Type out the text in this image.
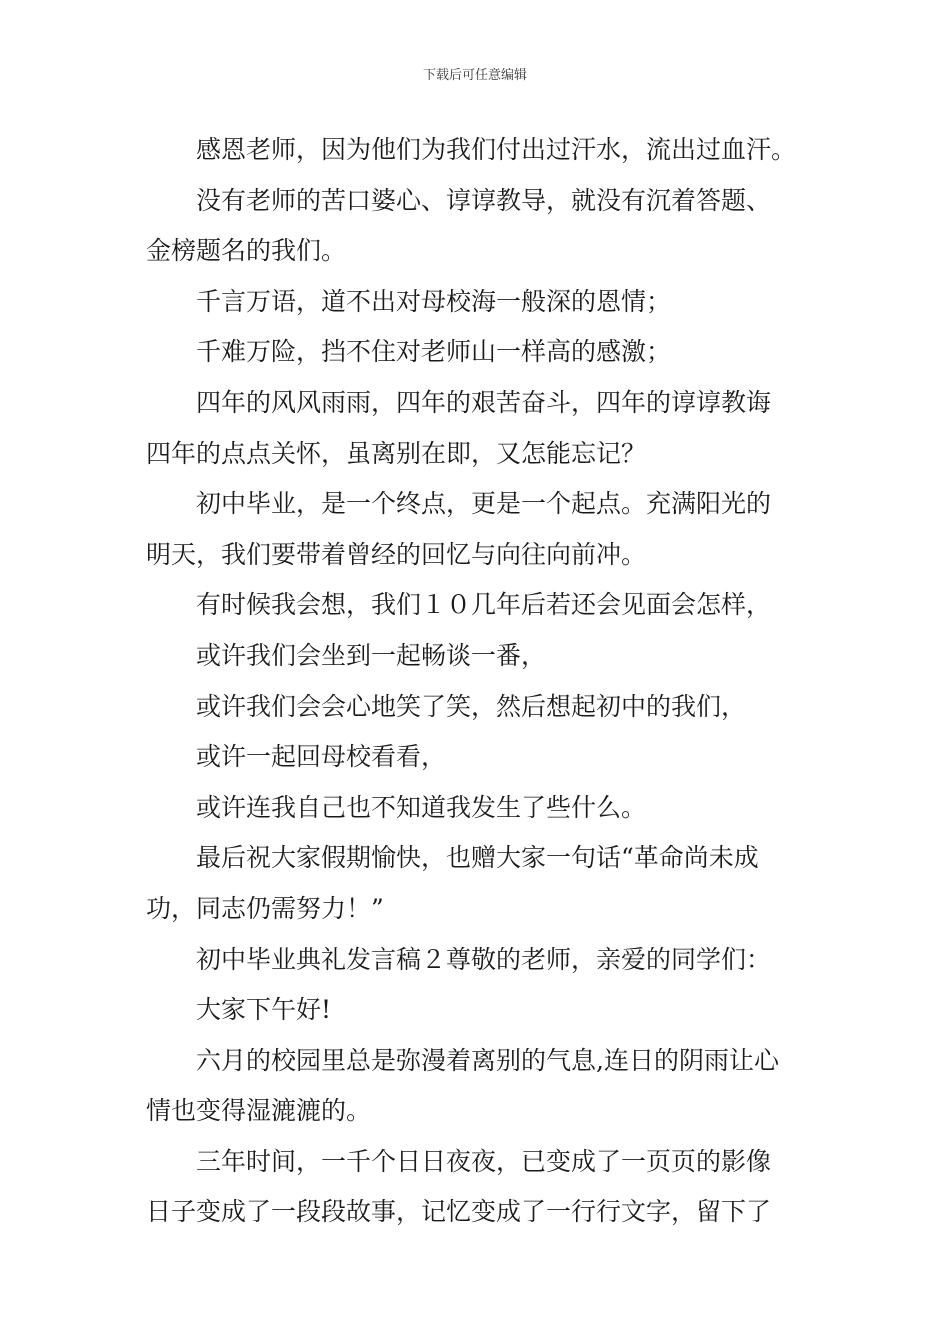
下载后可任意编辑
感恩老师，因为他们为我们付出过汗水，流出过血汗。
没有老师的苦口婆心、谆谆教导，就没有沉着答题、
金榜题名的我们。
千言万语，道不出对母校海一般深的恩情；
千难万险，挡不住对老师山一样高的感激；
四年的风风雨雨，四年的艰苦奋斗，四年的谆谆教诲
四年的点点关怀，虽离别在即，又怎能忘记？
初中毕业，是一个终点，更是一个起点。充满阳光的
明天，我们要带着曾经的回忆与向往向前冲。
有时候我会想，我们１０几年后若还会见面会怎样，
或许我们会坐到一起畅谈一番，
或许我们会会心地笑了笑，然后想起初中的我们，
或许一起回母校看看，
或许连我自己也不知道我发生了些什么。
最后祝大家假期愉快，也赠大家一句话“革命尚未成
功，同志仍需努力！”
初中毕业典礼发言稿２尊敬的老师，亲爱的同学们：
大家下午好!
六月的校园里总是弥漫着离别的气息,连日的阴雨让心
情也变得湿漉漉的。
三年时间，一千个日日夜夜，已变成了一页页的影像
日子变成了一段段故事，记忆变成了一行行文字，留下了
